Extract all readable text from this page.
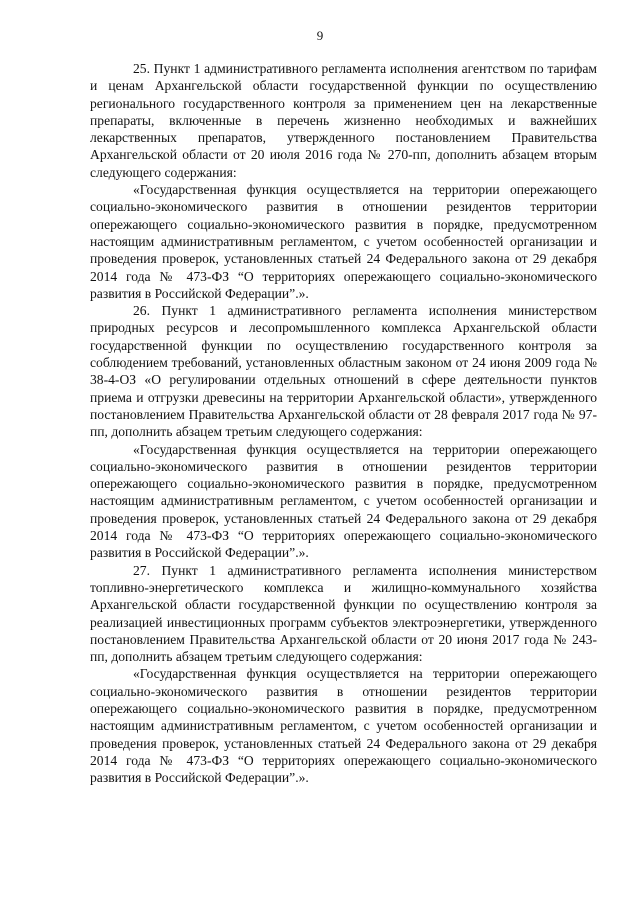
9

25. Пункт 1 административного регламента исполнения агентством по тарифам и ценам Архангельской области государственной функции по осуществлению регионального государственного контроля за применением цен на лекарственные препараты, включенные в перечень жизненно необходимых и важнейших лекарственных препаратов, утвержденного постановлением Правительства Архангельской области от 20 июля 2016 года № 270-пп, дополнить абзацем вторым следующего содержания:

«Государственная функция осуществляется на территории опережающего социально-экономического развития в отношении резидентов территории опережающего социально-экономического развития в порядке, предусмотренном настоящим административным регламентом, с учетом особенностей организации и проведения проверок, установленных статьей 24 Федерального закона от 29 декабря 2014 года № 473-ФЗ “О территориях опережающего социально-экономического развития в Российской Федерации”.».

26. Пункт 1 административного регламента исполнения министерством природных ресурсов и лесопромышленного комплекса Архангельской области государственной функции по осуществлению государственного контроля за соблюдением требований, установленных областным законом от 24 июня 2009 года № 38-4-ОЗ «О регулировании отдельных отношений в сфере деятельности пунктов приема и отгрузки древесины на территории Архангельской области», утвержденного постановлением Правительства Архангельской области от 28 февраля 2017 года № 97-пп, дополнить абзацем третьим следующего содержания:

«Государственная функция осуществляется на территории опережающего социально-экономического развития в отношении резидентов территории опережающего социально-экономического развития в порядке, предусмотренном настоящим административным регламентом, с учетом особенностей организации и проведения проверок, установленных статьей 24 Федерального закона от 29 декабря 2014 года № 473-ФЗ “О территориях опережающего социально-экономического развития в Российской Федерации”.».

27. Пункт 1 административного регламента исполнения министерством топливно-энергетического комплекса и жилищно-коммунального хозяйства Архангельской области государственной функции по осуществлению контроля за реализацией инвестиционных программ субъектов электроэнергетики, утвержденного постановлением Правительства Архангельской области от 20 июня 2017 года № 243-пп, дополнить абзацем третьим следующего содержания:

«Государственная функция осуществляется на территории опережающего социально-экономического развития в отношении резидентов территории опережающего социально-экономического развития в порядке, предусмотренном настоящим административным регламентом, с учетом особенностей организации и проведения проверок, установленных статьей 24 Федерального закона от 29 декабря 2014 года № 473-ФЗ “О территориях опережающего социально-экономического развития в Российской Федерации”.».
